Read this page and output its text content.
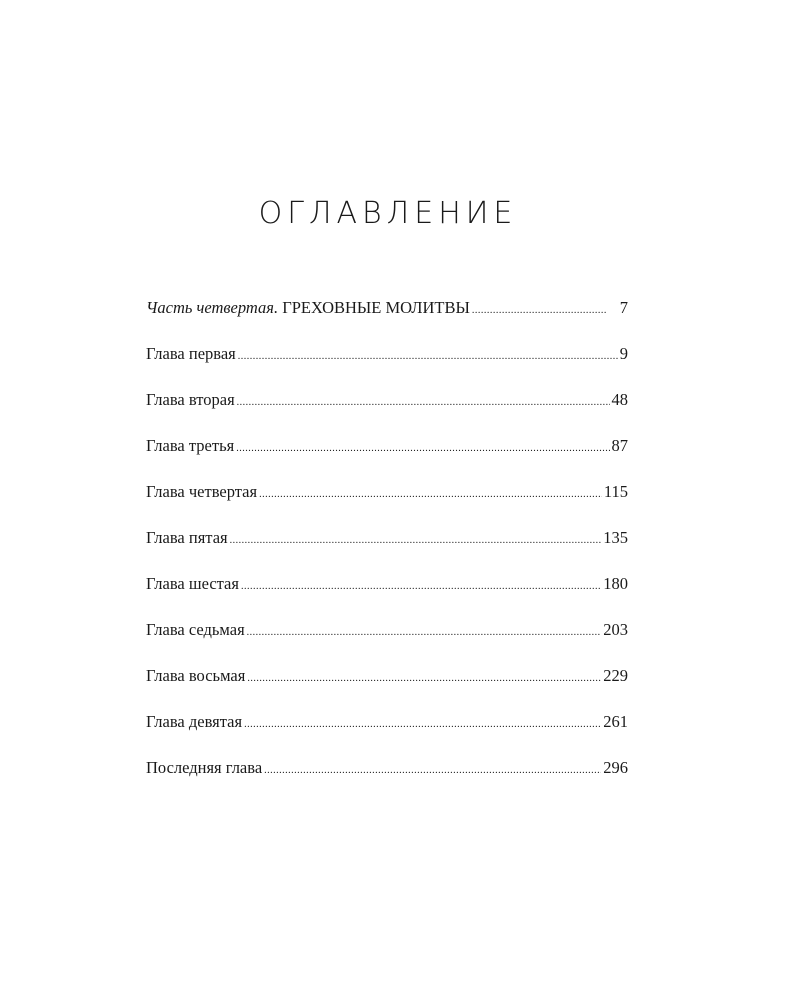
ОГЛАВЛЕНИЕ
Часть четвертая. ГРЕХОВНЫЕ МОЛИТВЫ .....	7
Глава первая .....	9
Глава вторая .....	48
Глава третья .....	87
Глава четвертая .....	115
Глава пятая .....	135
Глава шестая .....	180
Глава седьмая .....	203
Глава восьмая .....	229
Глава девятая .....	261
Последняя глава .....	296
